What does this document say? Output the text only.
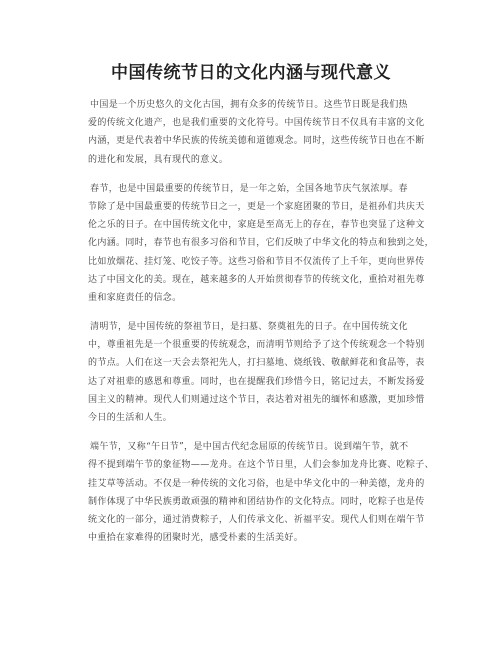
中国传统节日的文化内涵与现代意义

中国是一个历史悠久的文化古国，拥有众多的传统节日。这些节日既是我们热
爱的传统文化遗产，也是我们重要的文化符号。中国传统节日不仅具有丰富的文化
内涵，更是代表着中华民族的传统美德和道德观念。同时，这些传统节日也在不断
的进化和发展，具有现代的意义。

春节，也是中国最重要的传统节日，是一年之始，全国各地节庆气氛浓厚。春
节除了是中国最重要的传统节日之一，更是一个家庭团聚的节日，是祖孙们共庆天
伦之乐的日子。在中国传统文化中，家庭是至高无上的存在，春节也突显了这种文
化内涵。同时，春节也有很多习俗和节目，它们反映了中华文化的特点和独到之处，
比如放烟花、挂灯笼、吃饺子等。这些习俗和节目不仅流传了上千年，更向世界传
达了中国文化的美。现在，越来越多的人开始贯彻春节的传统文化，重拾对祖先尊
重和家庭责任的信念。

清明节，是中国传统的祭祖节日，是扫墓、祭奠祖先的日子。在中国传统文化
中，尊重祖先是一个很重要的传统观念，而清明节则给予了这个传统观念一个特别
的节点。人们在这一天会去祭祀先人，打扫墓地、烧纸钱、敬献鲜花和食品等，表
达了对祖辈的感恩和尊重。同时，也在提醒我们珍惜今日，铭记过去，不断发扬爱
国主义的精神。现代人们则通过这个节日，表达着对祖先的缅怀和感激，更加珍惜
今日的生活和人生。

端午节，又称“午日节”，是中国古代纪念屈原的传统节日。说到端午节，就不
得不提到端午节的象征物——龙舟。在这个节日里，人们会参加龙舟比赛、吃粽子、
挂艾草等活动。不仅是一种传统的文化习俗，也是中华文化中的一种美德，龙舟的
制作体现了中华民族勇敢顽强的精神和团结协作的文化特点。同时，吃粽子也是传
统文化的一部分，通过消费粽子，人们传承文化、祈福平安。现代人们则在端午节
中重拾在家难得的团聚时光，感受朴素的生活美好。
